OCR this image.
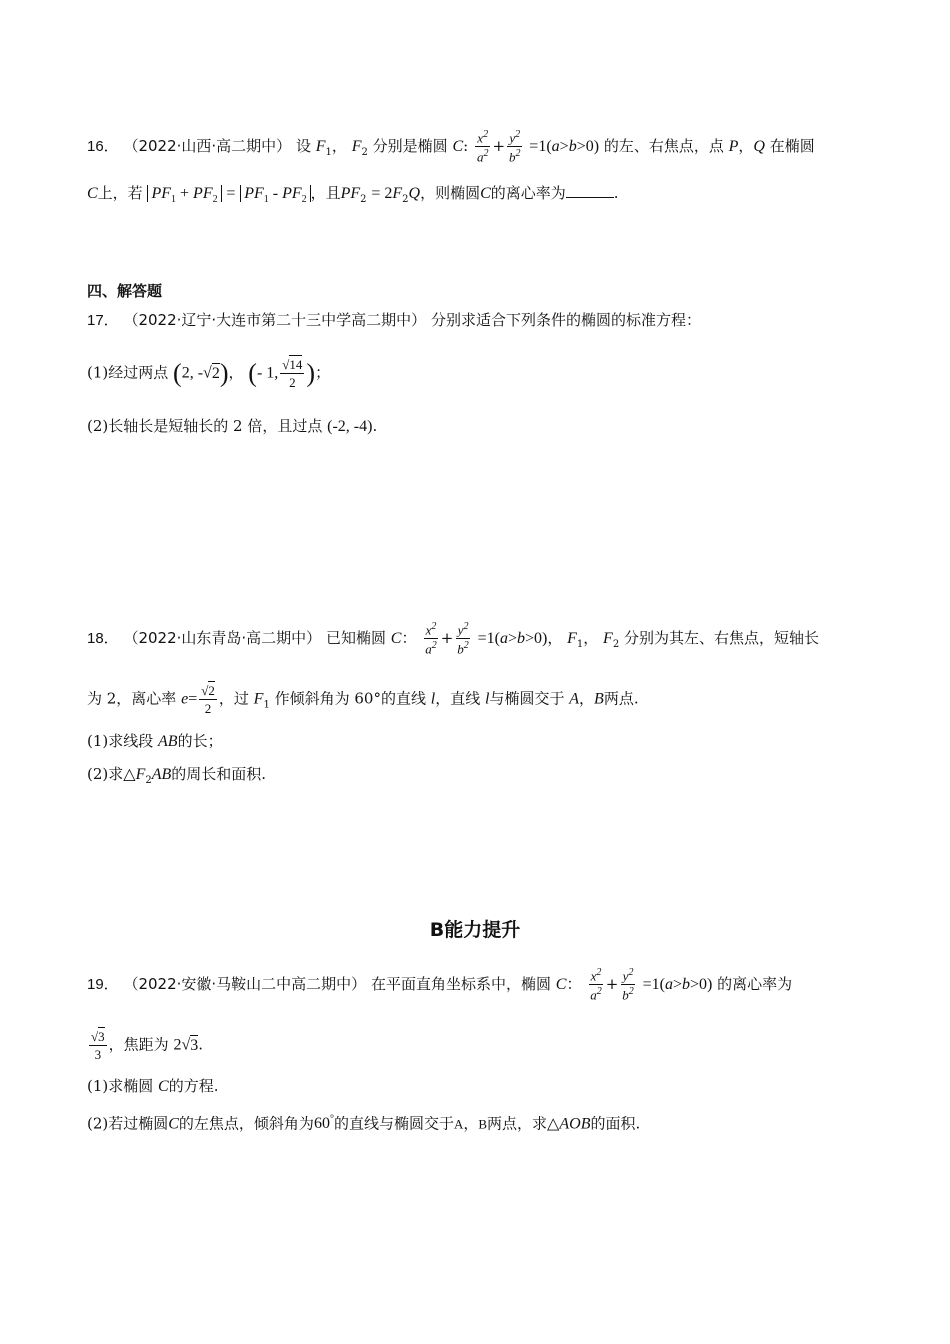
16． （2022·山西·高二期中） 设 $F_1$， $F_2$ 分别是椭圆 C: $\frac{x^2}{a^2} + \frac{y^2}{b^2} =1(a>b>0)$ 的左、右焦点，点 P，Q 在椭圆
C上，若 $PF_1 + PF_2 = PF_1 - PF_2$ ，且$PF_2 = 2F_2Q$，则椭圆C的离心率为	.
四、解答题
17． （2022·辽宁·大连市第二十三中学高二期中） 分别求适合下列条件的椭圆的标准方程：
(1)经过两点 (2, -√2)， (- 1, $\frac{√14}{2}$ )；
(2)长轴长是短轴长的 2 倍，且过点 (-2, -4).
18． （2022·山东青岛·高二期中） 已知椭圆 C： $\frac{x^2}{a^2} + \frac{y^2}{b^2} =1(a>b>0)$， $F_1$， $F_2$ 分别为其左、右焦点，短轴长
为 2，离心率 $e= \frac{√2}{2}$ ，过 $F_1$ 作倾斜角为 60°的直线 l，直线 l与椭圆交于 A，B两点.
(1)求线段 AB的长；
(2)求$\triangle F_2AB$的周长和面积.
B能力提升
19． （2022·安徽·马鞍山二中高二期中） 在平面直角坐标系中，椭圆 C： $\frac{x^2}{a^2} + \frac{y^2}{b^2} =1(a>b>0)$ 的离心率为
$\frac{√3}{3}$ ，焦距为 2√3.
(1)求椭圆 C的方程.
(2)若过椭圆C的左焦点，倾斜角为60°的直线与椭圆交于A，B两点，求△AOB的面积.
